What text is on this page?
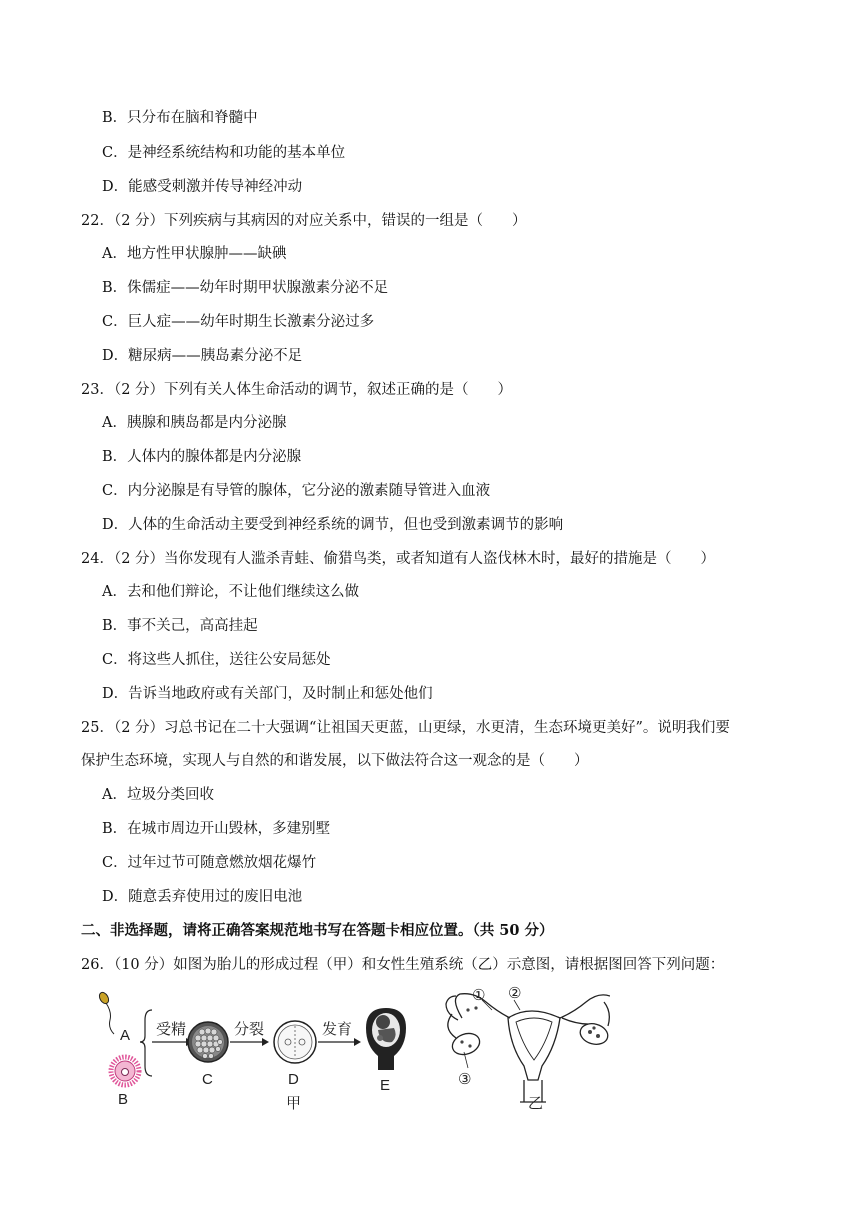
B．只分布在脑和脊髓中
C．是神经系统结构和功能的基本单位
D．能感受刺激并传导神经冲动
22．（2 分）下列疾病与其病因的对应关系中，错误的一组是（　　）
A．地方性甲状腺肿——缺碘
B．侏儒症——幼年时期甲状腺激素分泌不足
C．巨人症——幼年时期生长激素分泌过多
D．糖尿病——胰岛素分泌不足
23．（2 分）下列有关人体生命活动的调节，叙述正确的是（　　）
A．胰腺和胰岛都是内分泌腺
B．人体内的腺体都是内分泌腺
C．内分泌腺是有导管的腺体，它分泌的激素随导管进入血液
D．人体的生命活动主要受到神经系统的调节，但也受到激素调节的影响
24．（2 分）当你发现有人滥杀青蛙、偷猎鸟类，或者知道有人盗伐林木时，最好的措施是（　　）
A．去和他们辩论，不让他们继续这么做
B．事不关己，高高挂起
C．将这些人抓住，送往公安局惩处
D．告诉当地政府或有关部门，及时制止和惩处他们
25．（2 分）习总书记在二十大强调“让祖国天更蓝，山更绿，水更清，生态环境更美好”。说明我们要
保护生态环境，实现人与自然的和谐发展，以下做法符合这一观念的是（　　）
A．垃圾分类回收
B．在城市周边开山毁林，多建别墅
C．过年过节可随意燃放烟花爆竹
D．随意丢弃使用过的废旧电池
二、非选择题，请将正确答案规范地书写在答题卡相应位置。（共 50 分）
26．（10 分）如图为胎儿的形成过程（甲）和女性生殖系统（乙）示意图，请根据图回答下列问题：
A
B
受精
C
分裂
D
发育
E
甲
① ②
③
乙
